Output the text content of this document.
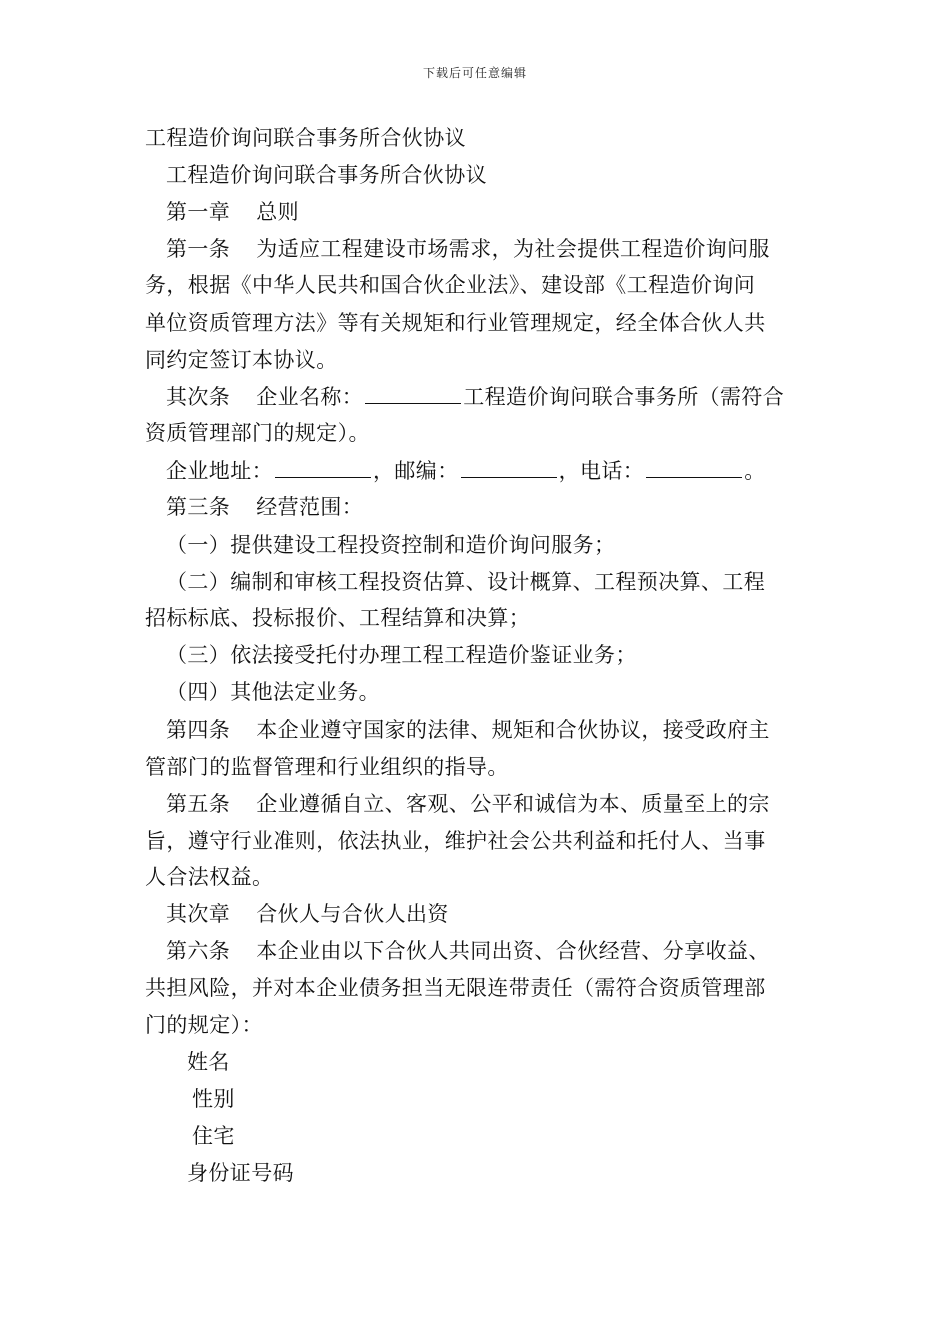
下载后可任意编辑
工程造价询问联合事务所合伙协议
工程造价询问联合事务所合伙协议
第一章 总则
第一条 为适应工程建设市场需求，为社会提供工程造价询问服
务，根据《中华人民共和国合伙企业法》、建设部《工程造价询问
单位资质管理方法》等有关规矩和行业管理规定，经全体合伙人共
同约定签订本协议。
其次条 企业名称：	工程造价询问联合事务所（需符合
资质管理部门的规定）。
企业地址：	，邮编：	，电话：	。
第三条 经营范围：
（一）提供建设工程投资控制和造价询问服务；
（二）编制和审核工程投资估算、设计概算、工程预决算、工程
招标标底、投标报价、工程结算和决算；
（三）依法接受托付办理工程工程造价鉴证业务；
（四）其他法定业务。
第四条 本企业遵守国家的法律、规矩和合伙协议，接受政府主
管部门的监督管理和行业组织的指导。
第五条 企业遵循自立、客观、公平和诚信为本、质量至上的宗
旨，遵守行业准则，依法执业，维护社会公共利益和托付人、当事
人合法权益。
其次章 合伙人与合伙人出资
第六条 本企业由以下合伙人共同出资、合伙经营、分享收益、
共担风险，并对本企业债务担当无限连带责任（需符合资质管理部
门的规定）：
姓名
性别
住宅
身份证号码
